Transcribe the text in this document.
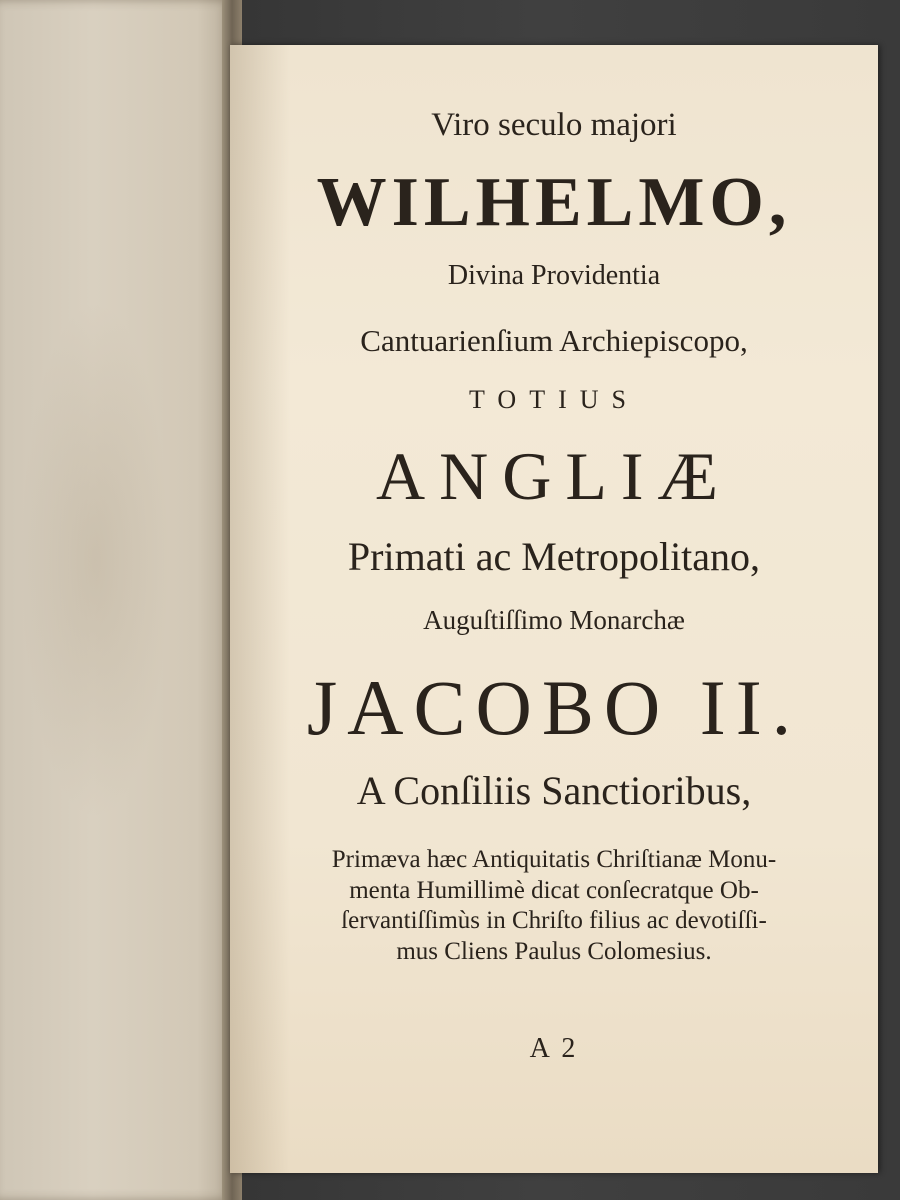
Viro seculo majori
WILHELMO,
Divina Providentia
Cantuarienſium Archiepiscopo,
TOTIUS
ANGLIÆ
Primati ac Metropolitano,
Auguſtiſſimo Monarchæ
JACOBO II.
A Conſiliis Sanctioribus,
Primæva hæc Antiquitatis Chriſtianæ Monu-
menta Humillimè dicat conſecratque Ob-
ſervantiſſimùs in Chriſto filius ac devotiſſi-
mus Cliens Paulus Colomesius.
A 2
